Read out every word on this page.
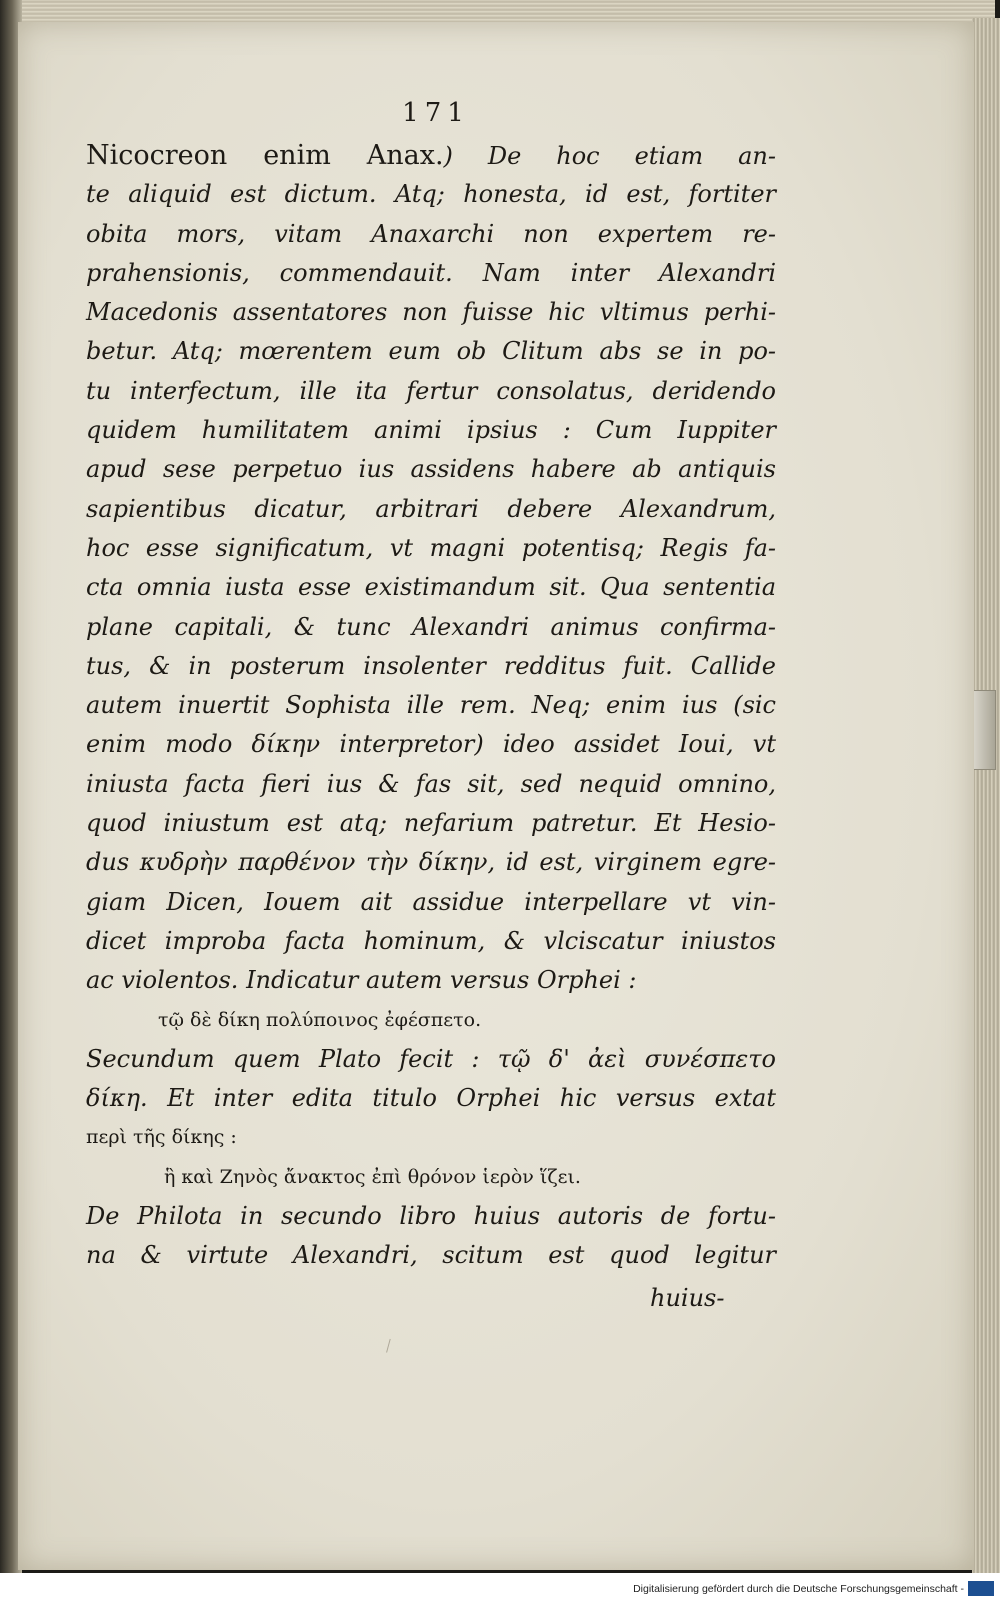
171
Nicocreon enim Anax.) De hoc etiam an-
te aliquid est dictum. Atq; honesta, id est, fortiter
obita mors, vitam Anaxarchi non expertem re-
prahensionis, commendauit. Nam inter Alexandri
Macedonis assentatores non fuisse hic vltimus perhi-
betur. Atq; mœrentem eum ob Clitum abs se in po-
tu interfectum, ille ita fertur consolatus, deridendo
quidem humilitatem animi ipsius : Cum Iuppiter
apud sese perpetuo ius assidens habere ab antiquis
sapientibus dicatur, arbitrari debere Alexandrum,
hoc esse significatum, vt magni potentisq; Regis fa-
cta omnia iusta esse existimandum sit. Qua sententia
plane capitali, & tunc Alexandri animus confirma-
tus, & in posterum insolenter redditus fuit. Callide
autem inuertit Sophista ille rem. Neq; enim ius (sic
enim modo δίκην interpretor) ideo assidet Ioui, vt
iniusta facta fieri ius & fas sit, sed nequid omnino,
quod iniustum est atq; nefarium patretur. Et Hesio-
dus κυδρὴν παρθένον τὴν δίκην, id est, virginem egre-
giam Dicen, Iouem ait assidue interpellare vt vin-
dicet improba facta hominum, & vlciscatur iniustos
ac violentos. Indicatur autem versus Orphei :
τῷ δὲ δίκη πολύποινος ἐφέσπετο.
Secundum quem Plato fecit : τῷ δ' ἀεὶ συνέσπετο
δίκη. Et inter edita titulo Orphei hic versus extat
περὶ τῆς δίκης :
ἣ καὶ Ζηνὸς ἄνακτος ἐπὶ θρόνον ἱερὸν ἵζει.
De Philota in secundo libro huius autoris de fortu-
na & virtute Alexandri, scitum est quod legitur
huius-
Digitalisierung gefördert durch die Deutsche Forschungsgemeinschaft -
